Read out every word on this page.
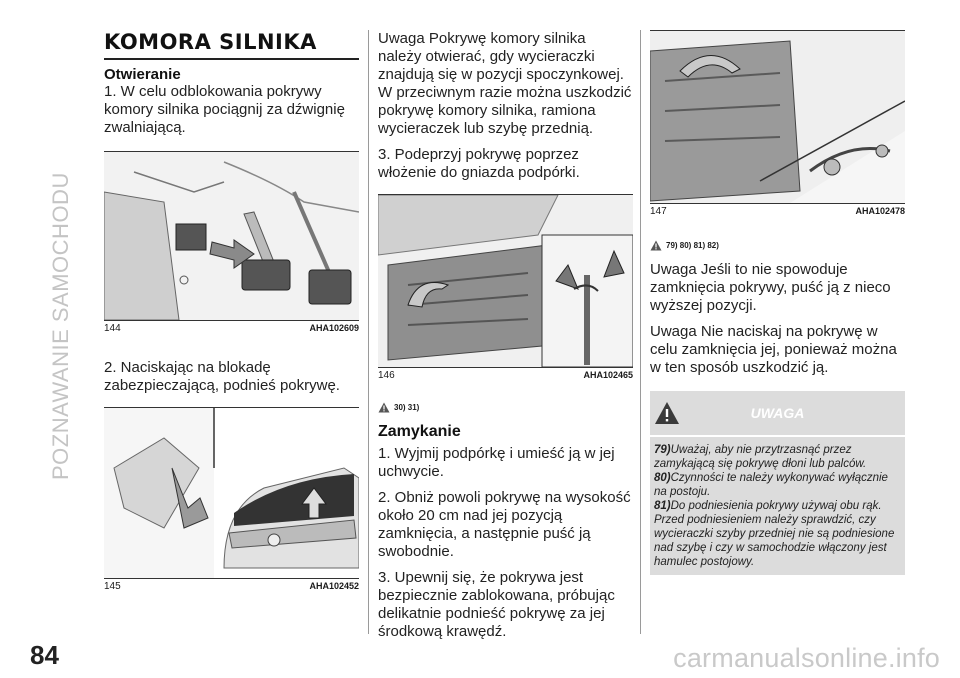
POZNAWANIE SAMOCHODU
KOMORA SILNIKA
Otwieranie

1. W celu odblokowania pokrywy komory silnika pociągnij za dźwignię zwalniającą.

144	AHA102609

2. Naciskając na blokadę zabezpieczającą, podnieś pokrywę.

145	AHA102452

Uwaga Pokrywę komory silnika należy otwierać, gdy wycieraczki znajdują się w pozycji spoczynkowej. W przeciwnym razie można uszkodzić pokrywę komory silnika, ramiona wycieraczek lub szybę przednią.

3. Podeprzyj pokrywę poprzez włożenie do gniazda podpórki.

146	AHA102465
30) 31)
Zamykanie

1. Wyjmij podpórkę i umieść ją w jej uchwycie.

2. Obniż powoli pokrywę na wysokość około 20 cm nad jej pozycją zamknięcia, a następnie puść ją swobodnie.

3. Upewnij się, że pokrywa jest bezpiecznie zablokowana, próbując delikatnie podnieść pokrywę za jej środkową krawędź.

147	AHA102478
79) 80) 81) 82)

Uwaga Jeśli to nie spowoduje zamknięcia pokrywy, puść ją z nieco wyższej pozycji.

Uwaga Nie naciskaj na pokrywę w celu zamknięcia jej, ponieważ można w ten sposób uszkodzić ją.

UWAGA

79)Uważaj, aby nie przytrzasnąć przez zamykającą się pokrywę dłoni lub palców.

80)Czynności te należy wykonywać wyłącznie na postoju.

81)Do podniesienia pokrywy używaj obu rąk. Przed podniesieniem należy sprawdzić, czy wycieraczki szyby przedniej nie są podniesione nad szybę i czy w samochodzie włączony jest hamulec postojowy.

84	carmanualsonline.info
